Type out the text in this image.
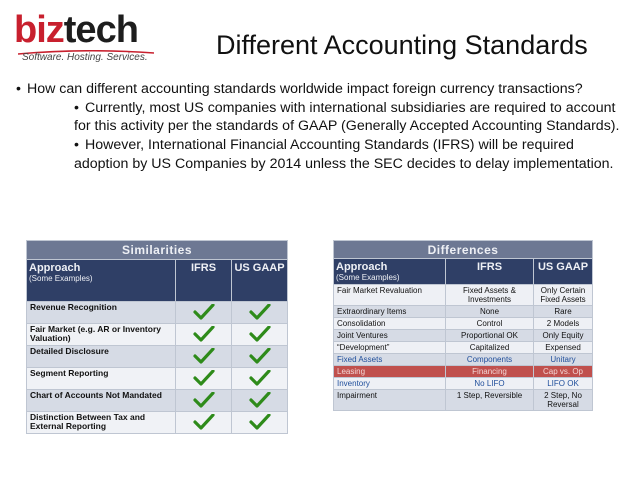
biztech
Software. Hosting. Services.	Different Accounting Standards
• How can different accounting standards worldwide impact foreign currency transactions?
• Currently, most US companies with international subsidiaries are required to account for this activity per the standards of GAAP (Generally Accepted Accounting Standards).
• However, International Financial Accounting Standards (IFRS) will be required adoption by US Companies by 2014 unless the SEC decides to delay implementation.
Similarities		
Approach
(Some Examples)	IFRS	US GAAP
Revenue Recognition		
Fair Market (e.g. AR or Inventory Valuation)		
Detailed Disclosure		
Segment Reporting		
Chart of Accounts Not Mandated		
Distinction Between Tax and External Reporting		
Differences		
Approach
(Some Examples)	IFRS	US GAAP
Fair Market Revaluation	Fixed Assets & Investments	Only Certain Fixed Assets
Extraordinary Items	None	Rare
Consolidation	Control	2 Models
Joint Ventures	Proportional OK	Only Equity
“Development”	Capitalized	Expensed
Fixed Assets	Components	Unitary
Leasing	Financing	Cap vs. Op
Inventory	No LIFO	LIFO OK
Impairment	1 Step, Reversible	2 Step, No Reversal
